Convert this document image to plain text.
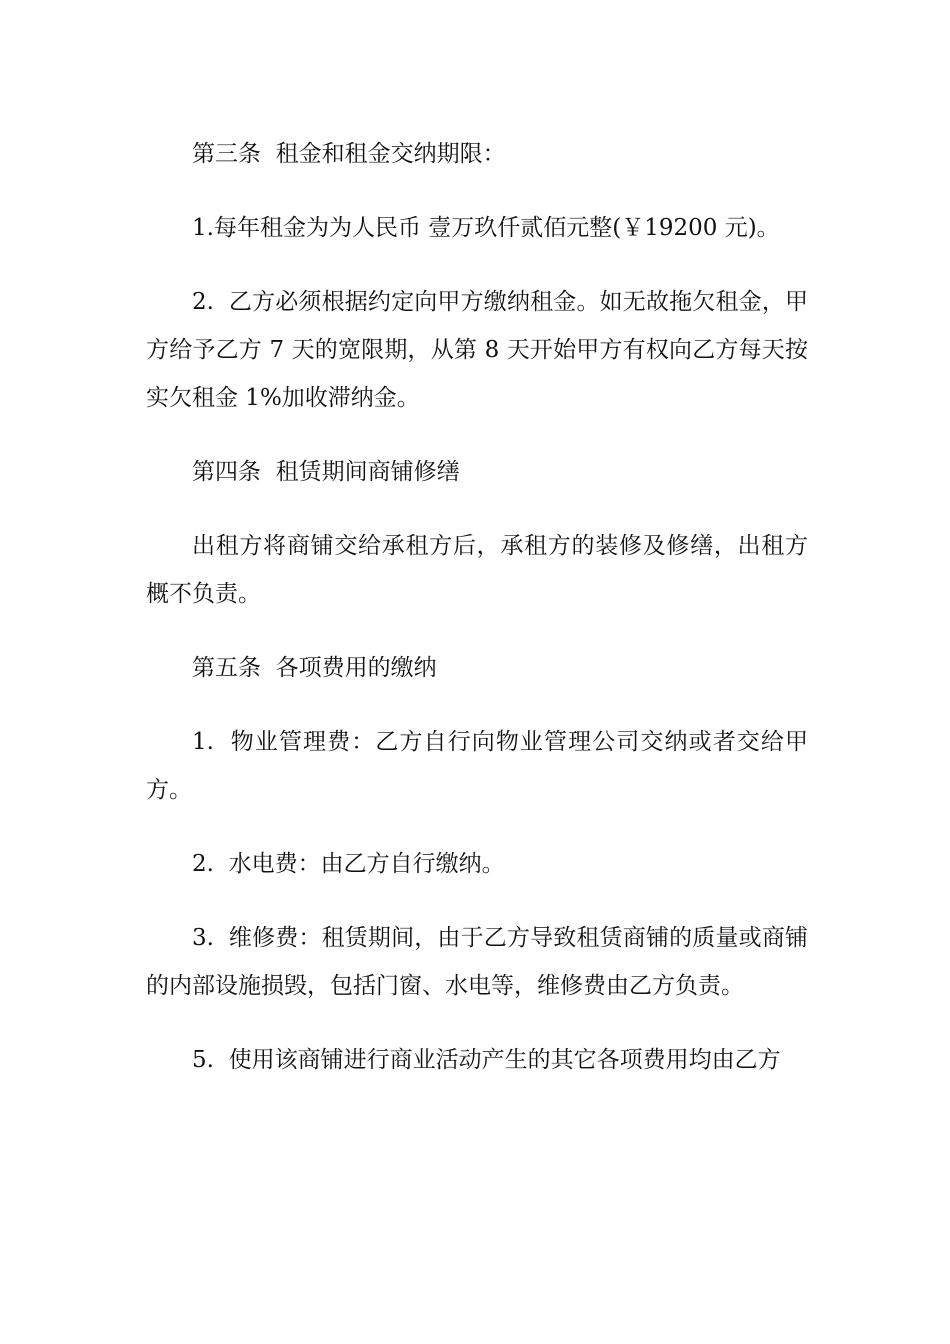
第三条  租金和租金交纳期限：

1.每年租金为为人民币 壹万玖仟贰佰元整(￥19200 元)。

2.  乙方必须根据约定向甲方缴纳租金。如无故拖欠租金，甲方给予乙方 7 天的宽限期，从第 8 天开始甲方有权向乙方每天按实欠租金 1%加收滞纳金。

第四条  租赁期间商铺修缮

出租方将商铺交给承租方后，承租方的装修及修缮，出租方概不负责。

第五条  各项费用的缴纳

1.  物业管理费：乙方自行向物业管理公司交纳或者交给甲方。

2.  水电费：由乙方自行缴纳。

3.  维修费：租赁期间，由于乙方导致租赁商铺的质量或商铺的内部设施损毁，包括门窗、水电等，维修费由乙方负责。

5.  使用该商铺进行商业活动产生的其它各项费用均由乙方
